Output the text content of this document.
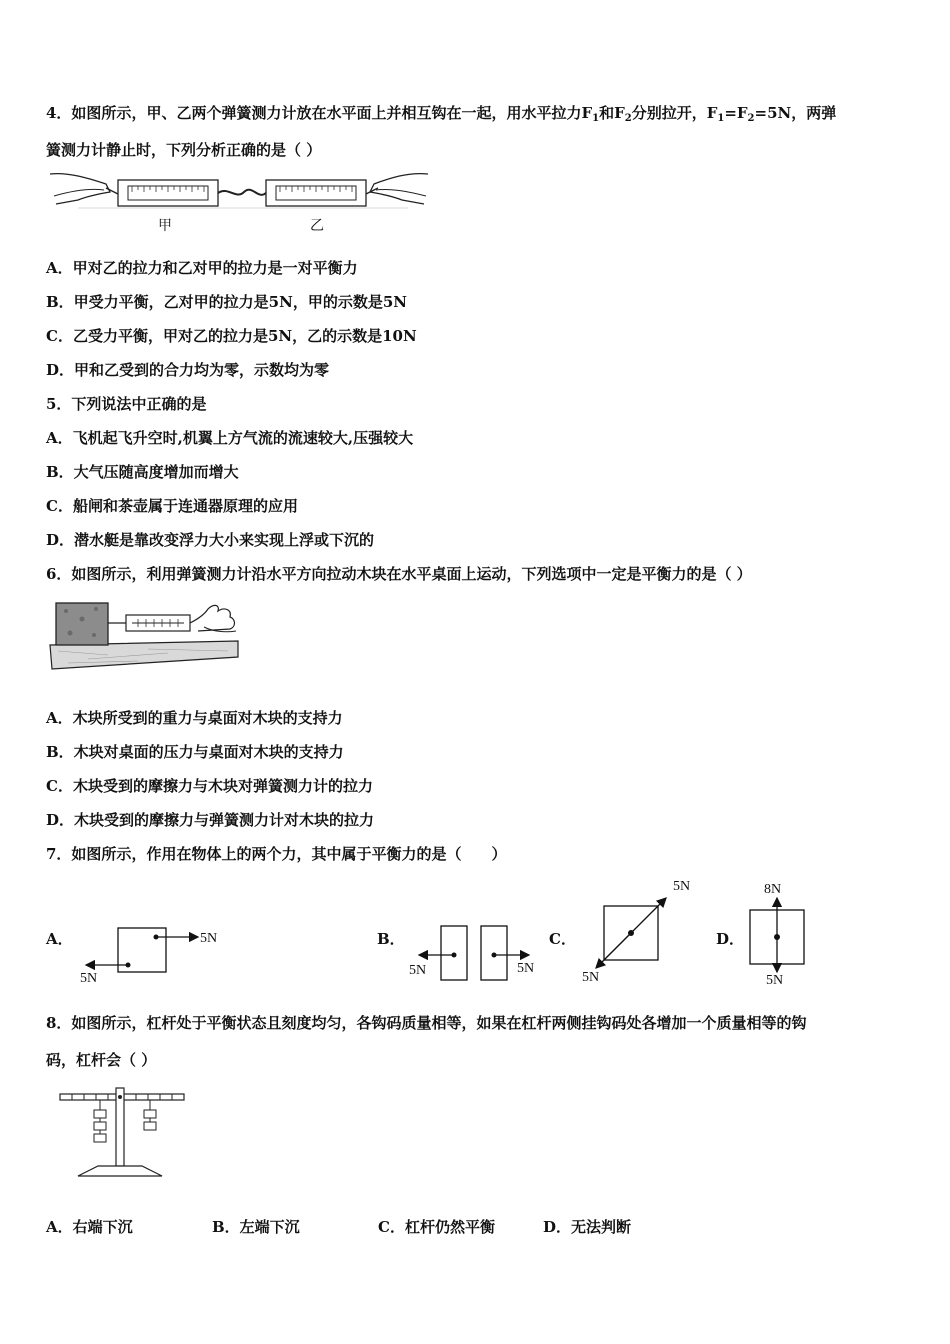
4．如图所示，甲、乙两个弹簧测力计放在水平面上并相互钩在一起，用水平拉力$F_1$和$F_2$分别拉开，$F_1=F_2=5N$，两弹
簧测力计静止时，下列分析正确的是（ ）
甲	乙
A．甲对乙的拉力和乙对甲的拉力是一对平衡力
B．甲受力平衡，乙对甲的拉力是5N，甲的示数是5N
C．乙受力平衡，甲对乙的拉力是5N，乙的示数是10N
D．甲和乙受到的合力均为零，示数均为零
5．下列说法中正确的是
A．飞机起飞升空时,机翼上方气流的流速较大,压强较大
B．大气压随高度增加而增大
C．船闸和茶壶属于连通器原理的应用
D．潜水艇是靠改变浮力大小来实现上浮或下沉的
6．如图所示，利用弹簧测力计沿水平方向拉动木块在水平桌面上运动，下列选项中一定是平衡力的是（ ）
A．木块所受到的重力与桌面对木块的支持力
B．木块对桌面的压力与桌面对木块的支持力
C．木块受到的摩擦力与木块对弹簧测力计的拉力
D．木块受到的摩擦力与弹簧测力计对木块的拉力
7．如图所示，作用在物体上的两个力，其中属于平衡力的是（　　）
A．	5N
5N
B．
5N	5N
C．
5N
5N
D．
8N
5N
8．如图所示，杠杆处于平衡状态且刻度均匀，各钩码质量相等，如果在杠杆两侧挂钩码处各增加一个质量相等的钩
码，杠杆会（ ）
A．右端下沉	B．左端下沉	C．杠杆仍然平衡	D．无法判断
